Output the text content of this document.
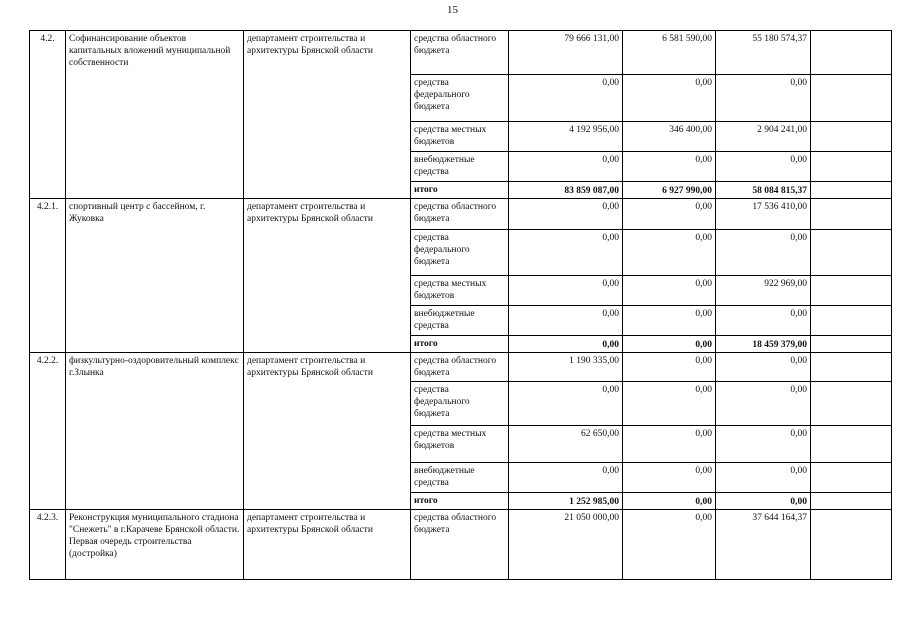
15
4.2.	Софинансирование объектов капитальных вложений муниципальной собственности	департамент строительства и архитектуры Брянской области	средства областного бюджета	79 666 131,00	6 581 590,00	55 180 574,37	
			средства федерального бюджета	0,00	0,00	0,00	
			средства местных бюджетов	4 192 956,00	346 400,00	2 904 241,00	
			внебюджетные средства	0,00	0,00	0,00	
			итого	83 859 087,00	6 927 990,00	58 084 815,37	
4.2.1.	спортивный центр с бассейном, г. Жуковка	департамент строительства и архитектуры Брянской области	средства областного бюджета	0,00	0,00	17 536 410,00	
			средства федерального бюджета	0,00	0,00	0,00	
			средства местных бюджетов	0,00	0,00	922 969,00	
			внебюджетные средства	0,00	0,00	0,00	
			итого	0,00	0,00	18 459 379,00	
4.2.2.	физкультурно-оздоровительный комплекс г.Злынка	департамент строительства и архитектуры Брянской области	средства областного бюджета	1 190 335,00	0,00	0,00	
			средства федерального бюджета	0,00	0,00	0,00	
			средства местных бюджетов	62 650,00	0,00	0,00	
			внебюджетные средства	0,00	0,00	0,00	
			итого	1 252 985,00	0,00	0,00	
4.2.3.	Реконструкция муниципального стадиона "Снежеть" в г.Карачеве Брянской области. Первая очередь строительства (достройка)	департамент строительства и архитектуры Брянской области	средства областного бюджета	21 050 000,00	0,00	37 644 164,37	
